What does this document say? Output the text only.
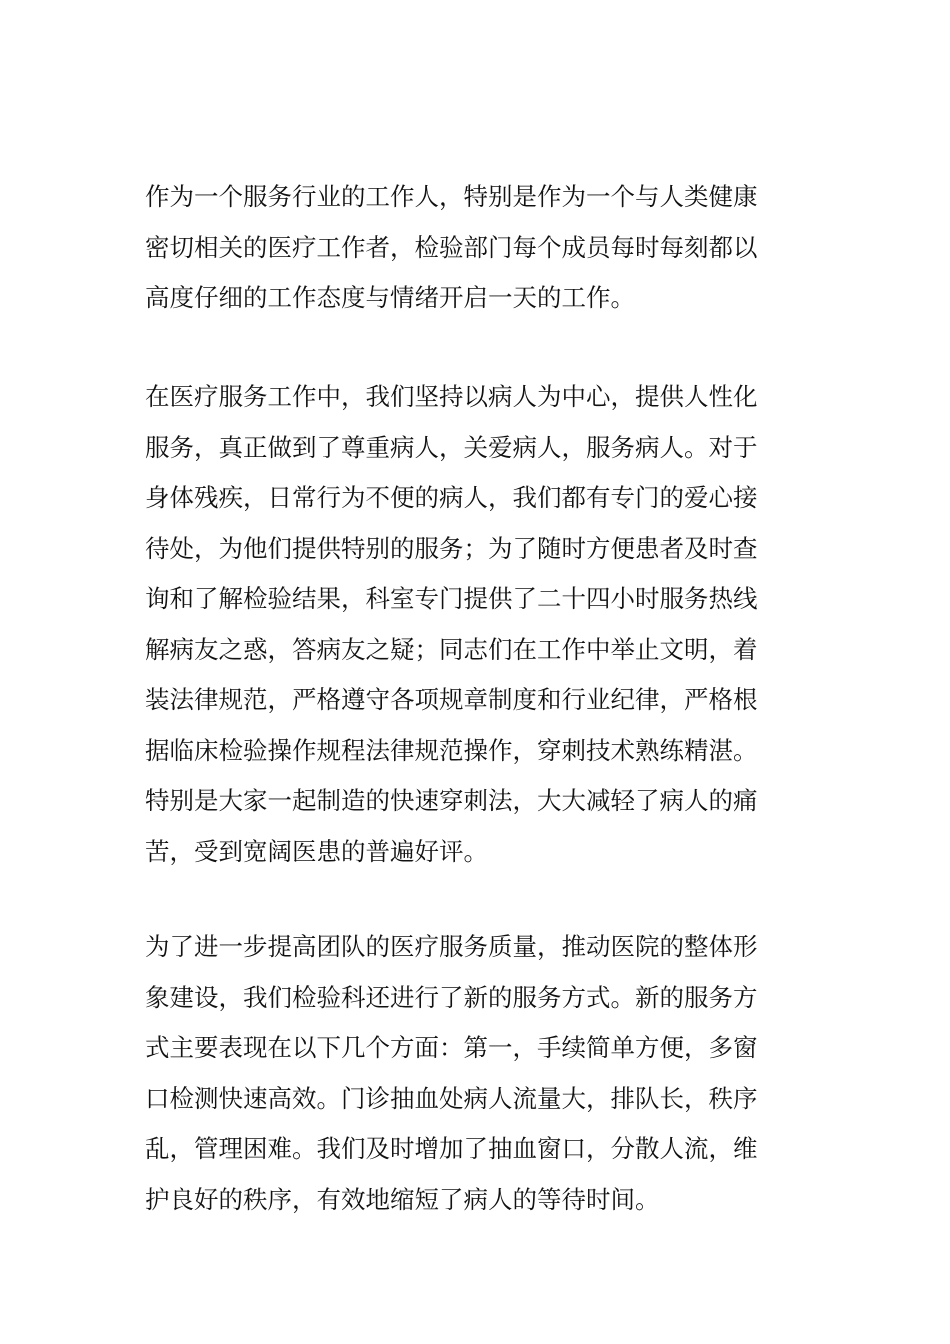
作为一个服务行业的工作人，特别是作为一个与人类健康
密切相关的医疗工作者，检验部门每个成员每时每刻都以
高度仔细的工作态度与情绪开启一天的工作。
在医疗服务工作中，我们坚持以病人为中心，提供人性化
服务，真正做到了尊重病人，关爱病人，服务病人。对于
身体残疾，日常行为不便的病人，我们都有专门的爱心接
待处，为他们提供特别的服务；为了随时方便患者及时查
询和了解检验结果，科室专门提供了二十四小时服务热线
解病友之惑，答病友之疑；同志们在工作中举止文明，着
装法律规范，严格遵守各项规章制度和行业纪律，严格根
据临床检验操作规程法律规范操作，穿刺技术熟练精湛。
特别是大家一起制造的快速穿刺法，大大减轻了病人的痛
苦，受到宽阔医患的普遍好评。
为了进一步提高团队的医疗服务质量，推动医院的整体形
象建设，我们检验科还进行了新的服务方式。新的服务方
式主要表现在以下几个方面：第一，手续简单方便，多窗
口检测快速高效。门诊抽血处病人流量大，排队长，秩序
乱，管理困难。我们及时增加了抽血窗口，分散人流，维
护良好的秩序，有效地缩短了病人的等待时间。
